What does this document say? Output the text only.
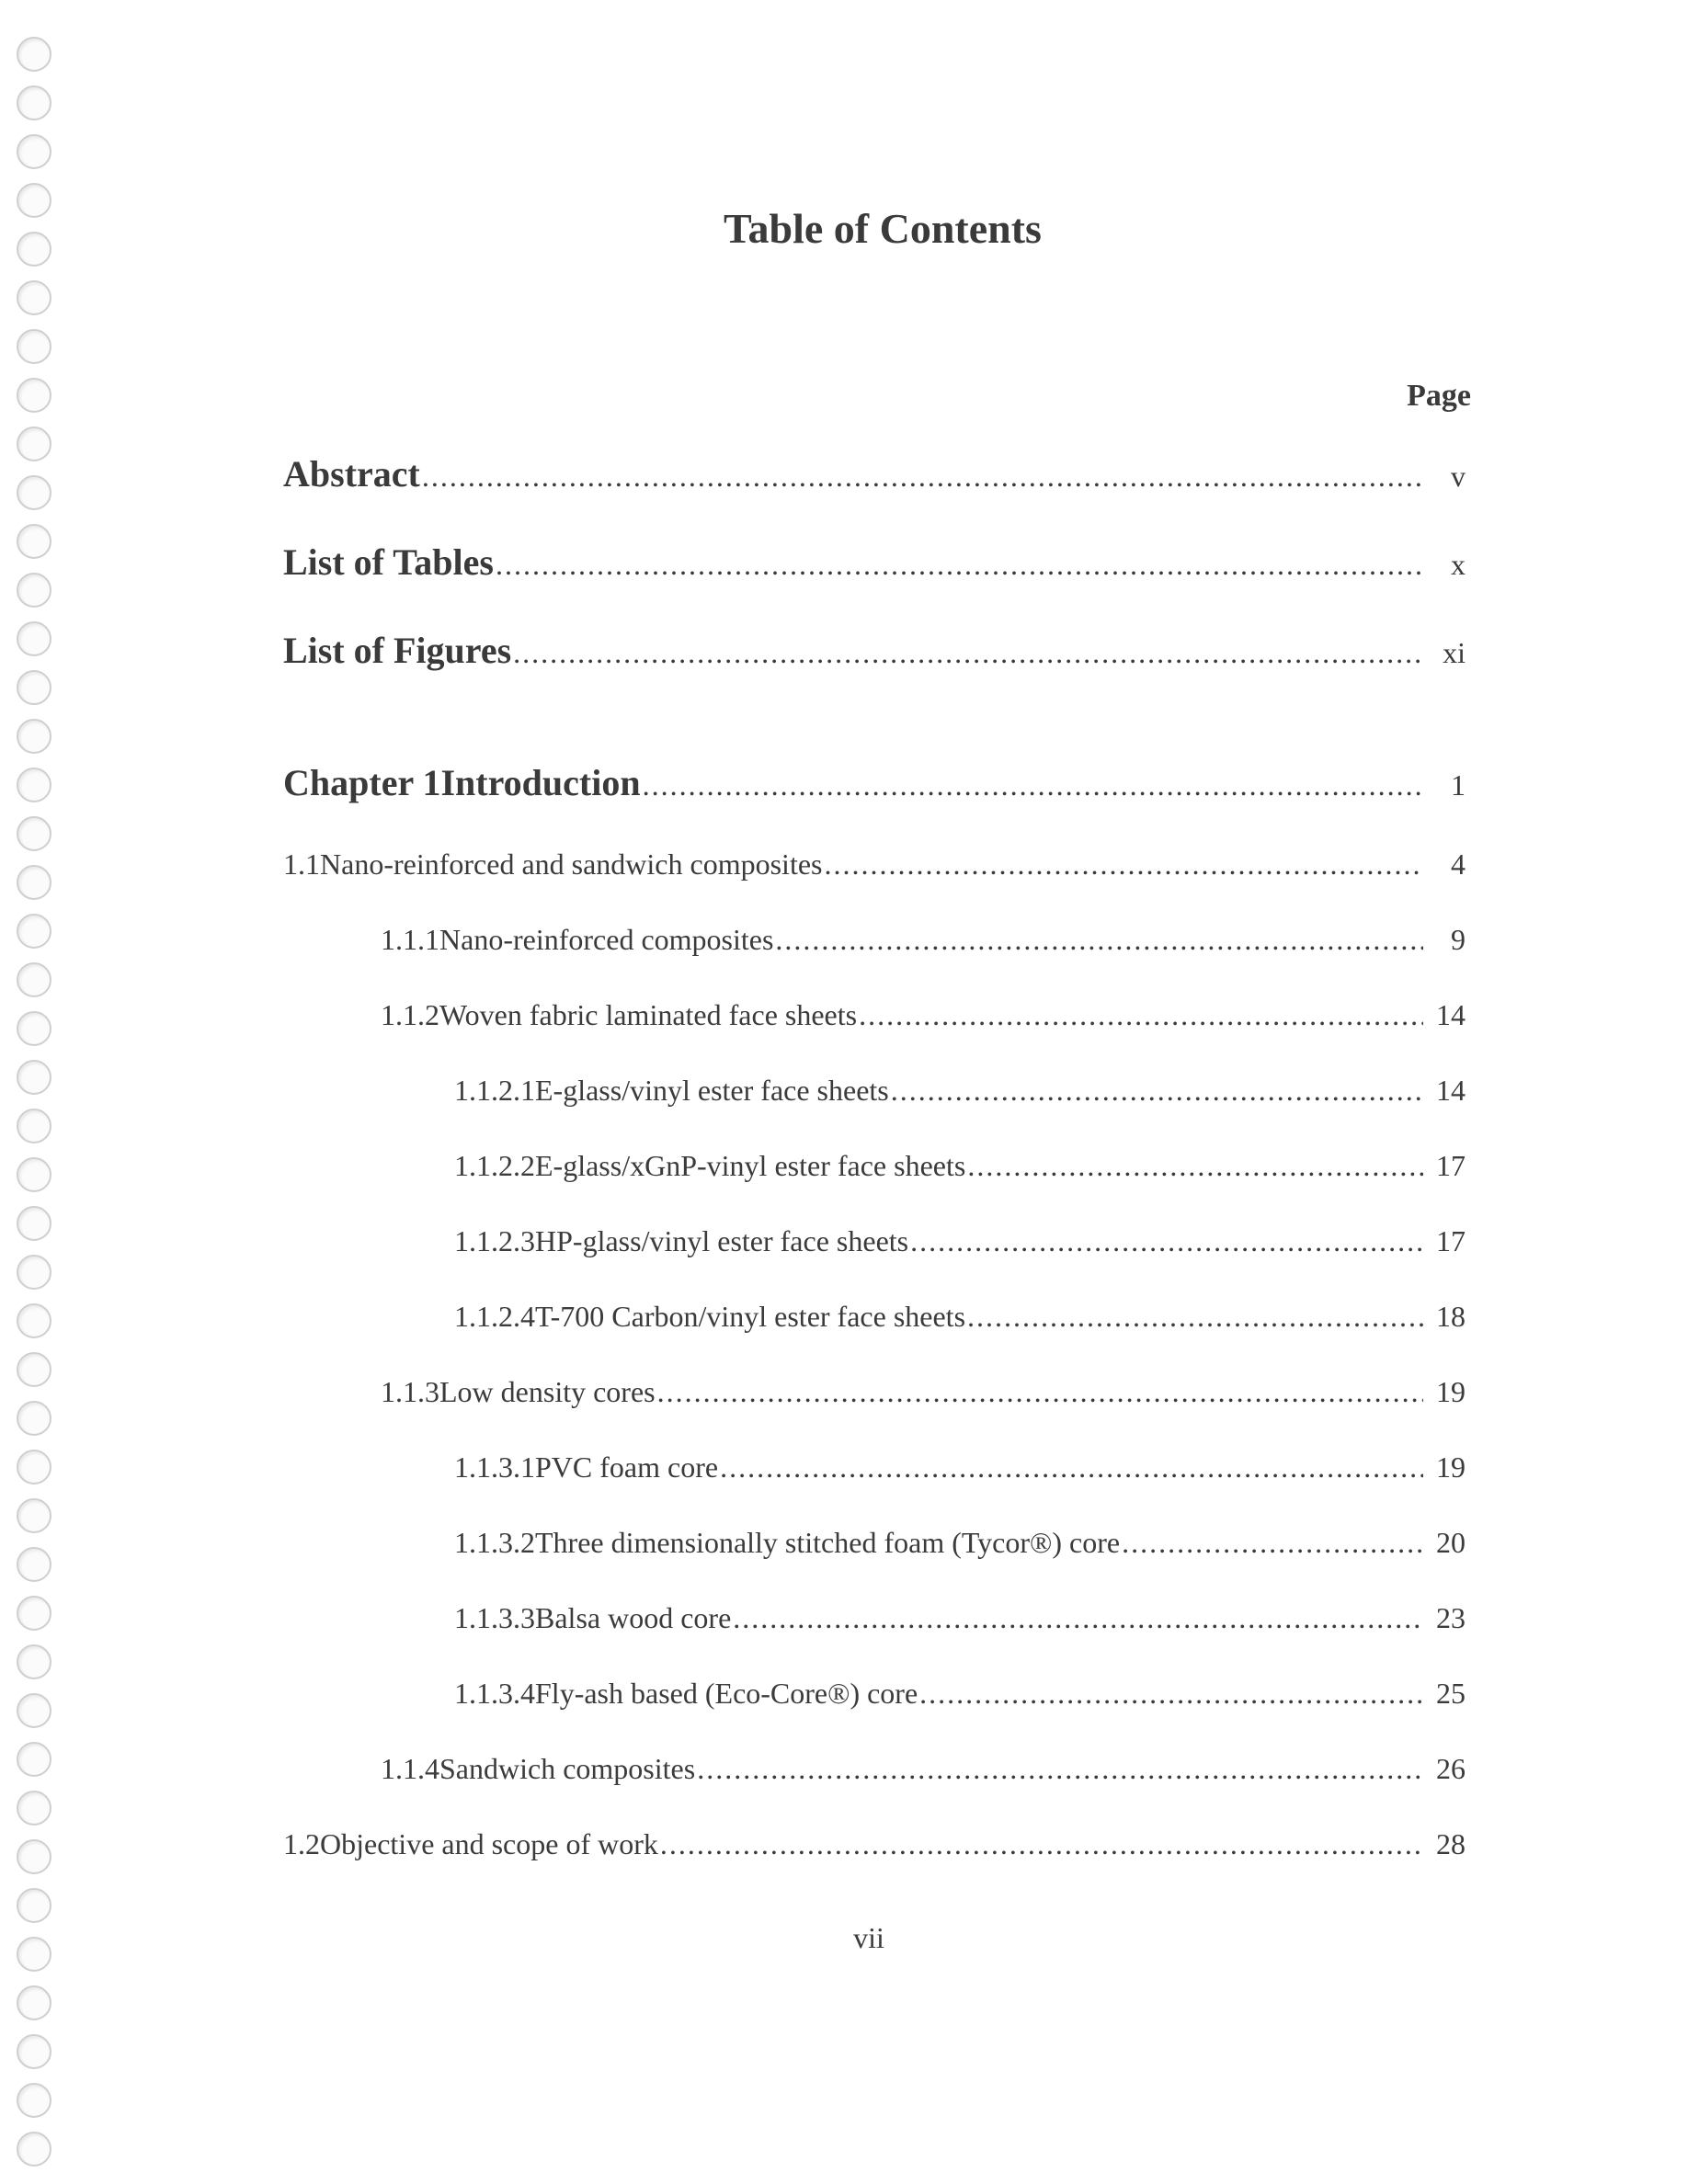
Table of Contents
Page
Abstract .....	v
List of Tables .....	x
List of Figures .....	xi
Chapter 1 Introduction .....	1
1.1 Nano-reinforced and sandwich composites .....	4
1.1.1 Nano-reinforced composites .....	9
1.1.2 Woven fabric laminated face sheets .....	14
1.1.2.1 E-glass/vinyl ester face sheets .....	14
1.1.2.2 E-glass/xGnP-vinyl ester face sheets .....	17
1.1.2.3 HP-glass/vinyl ester face sheets .....	17
1.1.2.4 T-700 Carbon/vinyl ester face sheets .....	18
1.1.3 Low density cores .....	19
1.1.3.1 PVC foam core .....	19
1.1.3.2 Three dimensionally stitched foam (Tycor®) core .....	20
1.1.3.3 Balsa wood core .....	23
1.1.3.4 Fly-ash based (Eco-Core®) core .....	25
1.1.4 Sandwich composites .....	26
1.2 Objective and scope of work .....	28
vii
